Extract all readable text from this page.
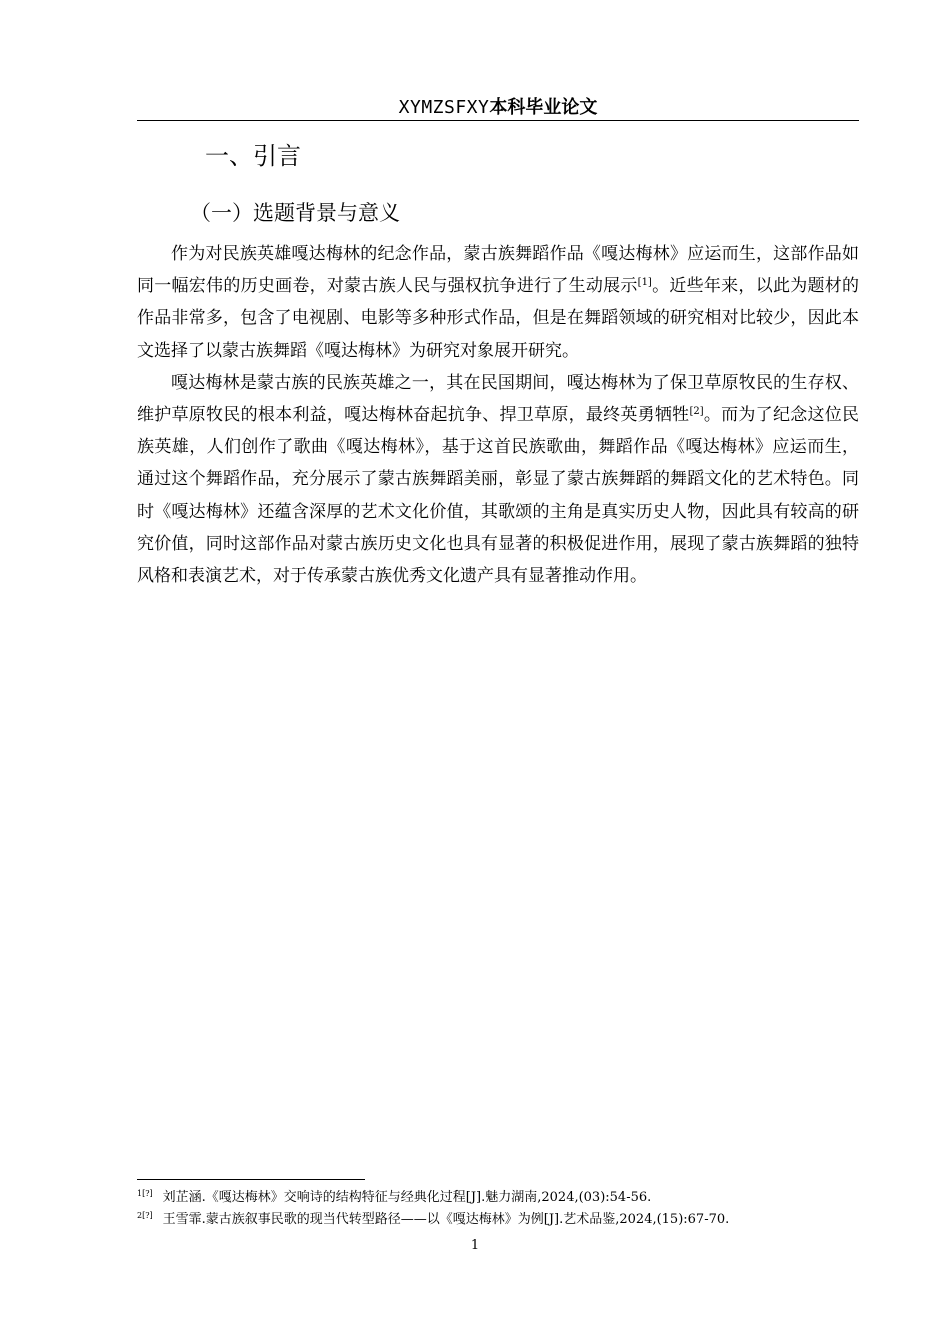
XYMZSFXY本科毕业论文
一、引言
（一）选题背景与意义

作为对民族英雄嘎达梅林的纪念作品，蒙古族舞蹈作品《嘎达梅林》应运而生，这部作品如同一幅宏伟的历史画卷，对蒙古族人民与强权抗争进行了生动展示[1]。近些年来，以此为题材的作品非常多，包含了电视剧、电影等多种形式作品，但是在舞蹈领域的研究相对比较少，因此本文选择了以蒙古族舞蹈《嘎达梅林》为研究对象展开研究。

嘎达梅林是蒙古族的民族英雄之一，其在民国期间，嘎达梅林为了保卫草原牧民的生存权、维护草原牧民的根本利益，嘎达梅林奋起抗争、捍卫草原，最终英勇牺牲[2]。而为了纪念这位民族英雄，人们创作了歌曲《嘎达梅林》，基于这首民族歌曲，舞蹈作品《嘎达梅林》应运而生，通过这个舞蹈作品，充分展示了蒙古族舞蹈美丽，彰显了蒙古族舞蹈的舞蹈文化的艺术特色。同时《嘎达梅林》还蕴含深厚的艺术文化价值，其歌颂的主角是真实历史人物，因此具有较高的研究价值，同时这部作品对蒙古族历史文化也具有显著的积极促进作用，展现了蒙古族舞蹈的独特风格和表演艺术，对于传承蒙古族优秀文化遗产具有显著推动作用。

$^{1[?]}$ 刘芷涵.《嘎达梅林》交响诗的结构特征与经典化过程[J].魅力湖南,2024,(03):54-56.
$^{2[?]}$ 王雪霏.蒙古族叙事民歌的现当代转型路径——以《嘎达梅林》为例[J].艺术品鉴,2024,(15):67-70.
1
